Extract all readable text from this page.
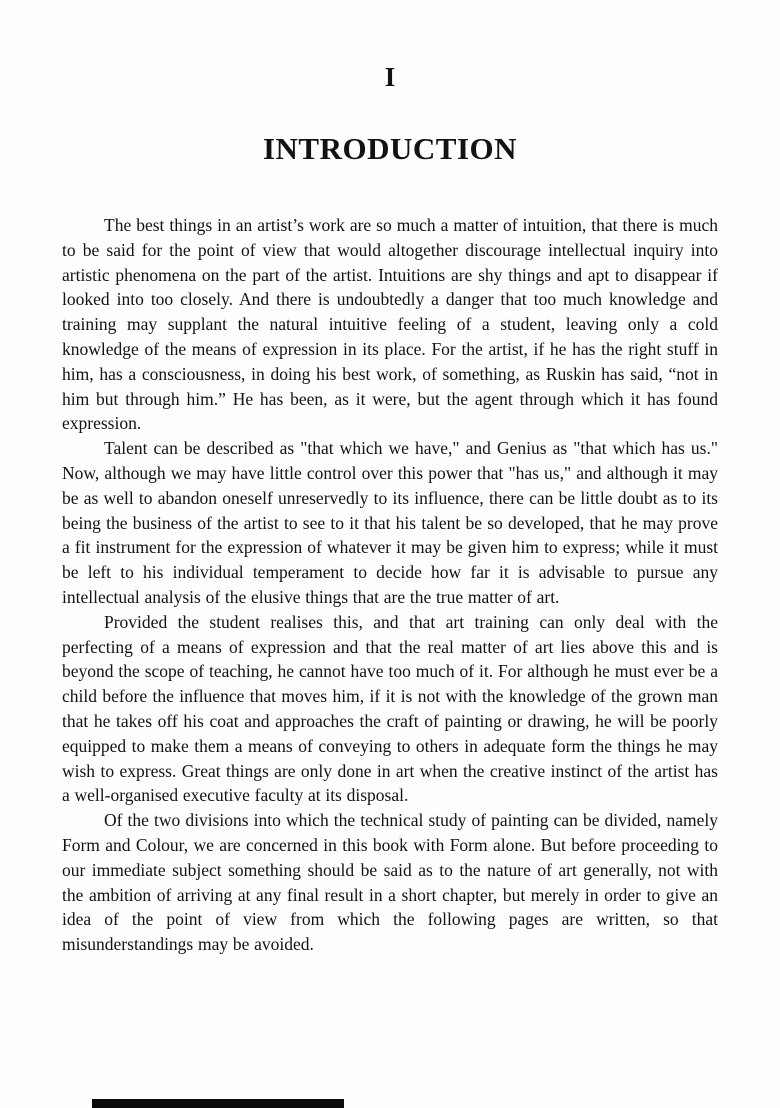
I
INTRODUCTION

The best things in an artist’s work are so much a matter of intuition, that there is much to be said for the point of view that would altogether discourage intellectual inquiry into artistic phenomena on the part of the artist. Intuitions are shy things and apt to disappear if looked into too closely. And there is undoubtedly a danger that too much knowledge and training may supplant the natural intuitive feeling of a student, leaving only a cold knowledge of the means of expression in its place. For the artist, if he has the right stuff in him, has a consciousness, in doing his best work, of something, as Ruskin has said, “not in him but through him.” He has been, as it were, but the agent through which it has found expression.

Talent can be described as "that which we have," and Genius as "that which has us." Now, although we may have little control over this power that "has us," and although it may be as well to abandon oneself unreservedly to its influence, there can be little doubt as to its being the business of the artist to see to it that his talent be so developed, that he may prove a fit instrument for the expression of whatever it may be given him to express; while it must be left to his individual temperament to decide how far it is advisable to pursue any intellectual analysis of the elusive things that are the true matter of art.

Provided the student realises this, and that art training can only deal with the perfecting of a means of expression and that the real matter of art lies above this and is beyond the scope of teaching, he cannot have too much of it. For although he must ever be a child before the influence that moves him, if it is not with the knowledge of the grown man that he takes off his coat and approaches the craft of painting or drawing, he will be poorly equipped to make them a means of conveying to others in adequate form the things he may wish to express. Great things are only done in art when the creative instinct of the artist has a well-organised executive faculty at its disposal.

Of the two divisions into which the technical study of painting can be divided, namely Form and Colour, we are concerned in this book with Form alone. But before proceeding to our immediate subject something should be said as to the nature of art generally, not with the ambition of arriving at any final result in a short chapter, but merely in order to give an idea of the point of view from which the following pages are written, so that misunderstandings may be avoided.
